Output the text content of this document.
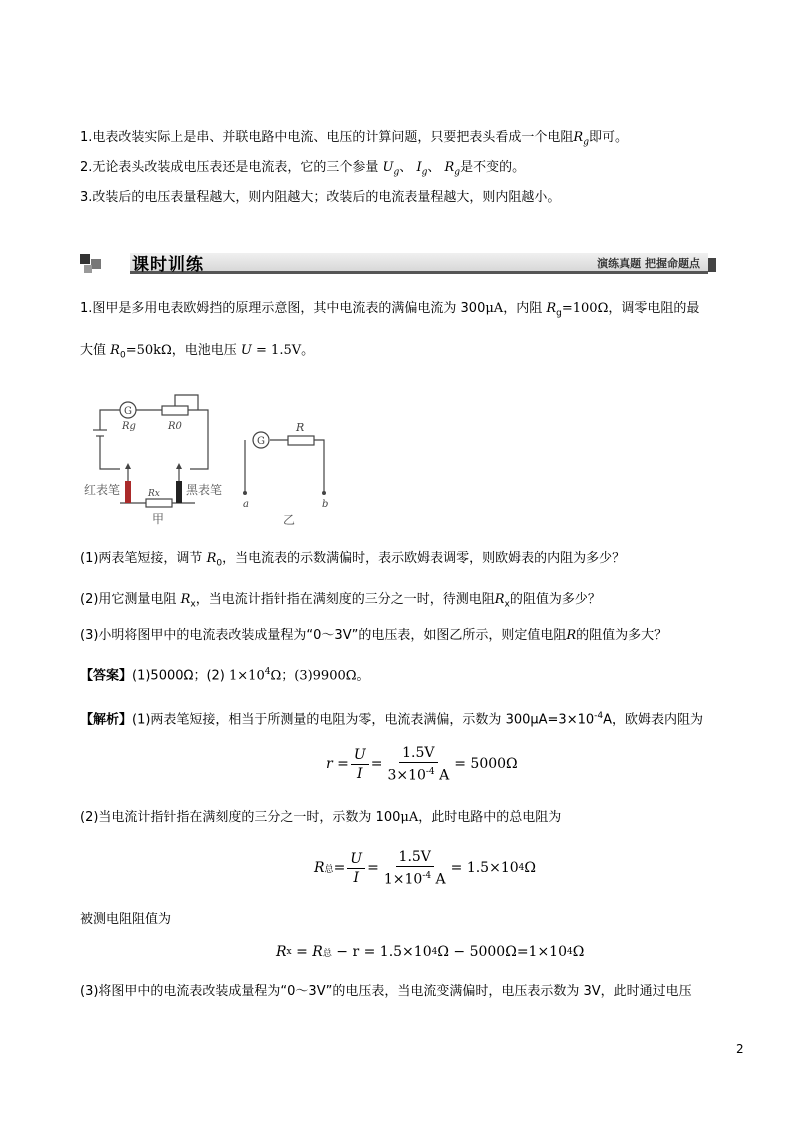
1.电表改装实际上是串、并联电路中电流、电压的计算问题，只要把表头看成一个电阻$R_g$即可。
2.无论表头改装成电压表还是电流表，它的三个参量 $U_g$、 $I_g$、 $R_g$是不变的。
3.改装后的电压表量程越大，则内阻越大；改装后的电流表量程越大，则内阻越小。
课时训练	演练真题 把握命题点
1.图甲是多用电表欧姆挡的原理示意图，其中电流表的满偏电流为 300μA，内阻 $R_g=100\Omega$，调零电阻的最
大值 $R_0=50k\Omega$，电池电压 U = 1.5V。
G
G
Rg	R0
Rx
红表笔	黑表笔
甲	乙
R
a	b
(1)两表笔短接，调节 $R_0$，当电流表的示数满偏时，表示欧姆表调零，则欧姆表的内阻为多少？
(2)用它测量电阻 $R_x$，当电流计指针指在满刻度的三分之一时，待测电阻$R_x$的阻值为多少？
(3)小明将图甲中的电流表改装成量程为“0～3V”的电压表，如图乙所示，则定值电阻R的阻值为多大？
【答案】(1)5000Ω；(2) $1\times 10^4\Omega$；(3)9900Ω。
【解析】(1)两表笔短接，相当于所测量的电阻为零，电流表满偏，示数为 $300\mu A=3\times 10^{-4}A$，欧姆表内阻为
$r = \frac{U}{I} = \frac{1.5V}{3\times 10^{-4} A} = 5000\Omega$
(2)当电流计指针指在满刻度的三分之一时，示数为 100μA，此时电路中的总电阻为
R 总 = $\frac{U}{I} = \frac{1.5V}{1\times 10^{-4} A} = 1.5\times 10$ 4 Ω
被测电阻阻值为
R x = R 总
− r = 1.5×10 4 Ω − 5000Ω=1×10 4 Ω
(3)将图甲中的电流表改装成量程为“0～3V”的电压表，当电流变满偏时，电压表示数为 3V，此时通过电压
2
